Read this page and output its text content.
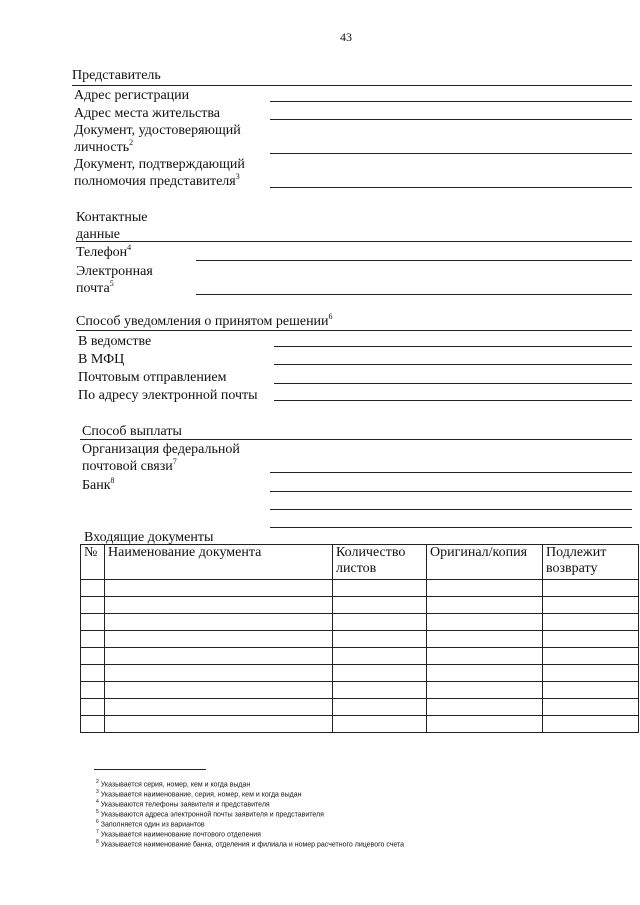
43
Представитель
Адрес регистрации
Адрес места жительства
Документ, удостоверяющий
личность$^2$
Документ, подтверждающий
полномочия представителя$^3$
Контактные
данные
Телефон$^4$
Электронная
почта$^5$
Способ уведомления о принятом решении$^6$
В ведомстве
В МФЦ
Почтовым отправлением
По адресу электронной почты
Способ выплаты
Организация федеральной
почтовой связи$^7$
Банк$^8$
Входящие документы
№	Наименование документа	Количество листов	Оригинал/копия	Подлежит возврату

$^2$ Указывается серия, номер, кем и когда выдан
$^3$ Указывается наименование, серия, номер, кем и когда выдан
$^4$ Указываются телефоны заявителя и представителя
$^5$ Указываются адреса электронной почты заявителя и представителя
$^6$ Заполняется один из вариантов
$^7$ Указывается наименование почтового отделения
$^8$ Указывается наименование банка, отделения и филиала и номер расчетного лицевого счета
